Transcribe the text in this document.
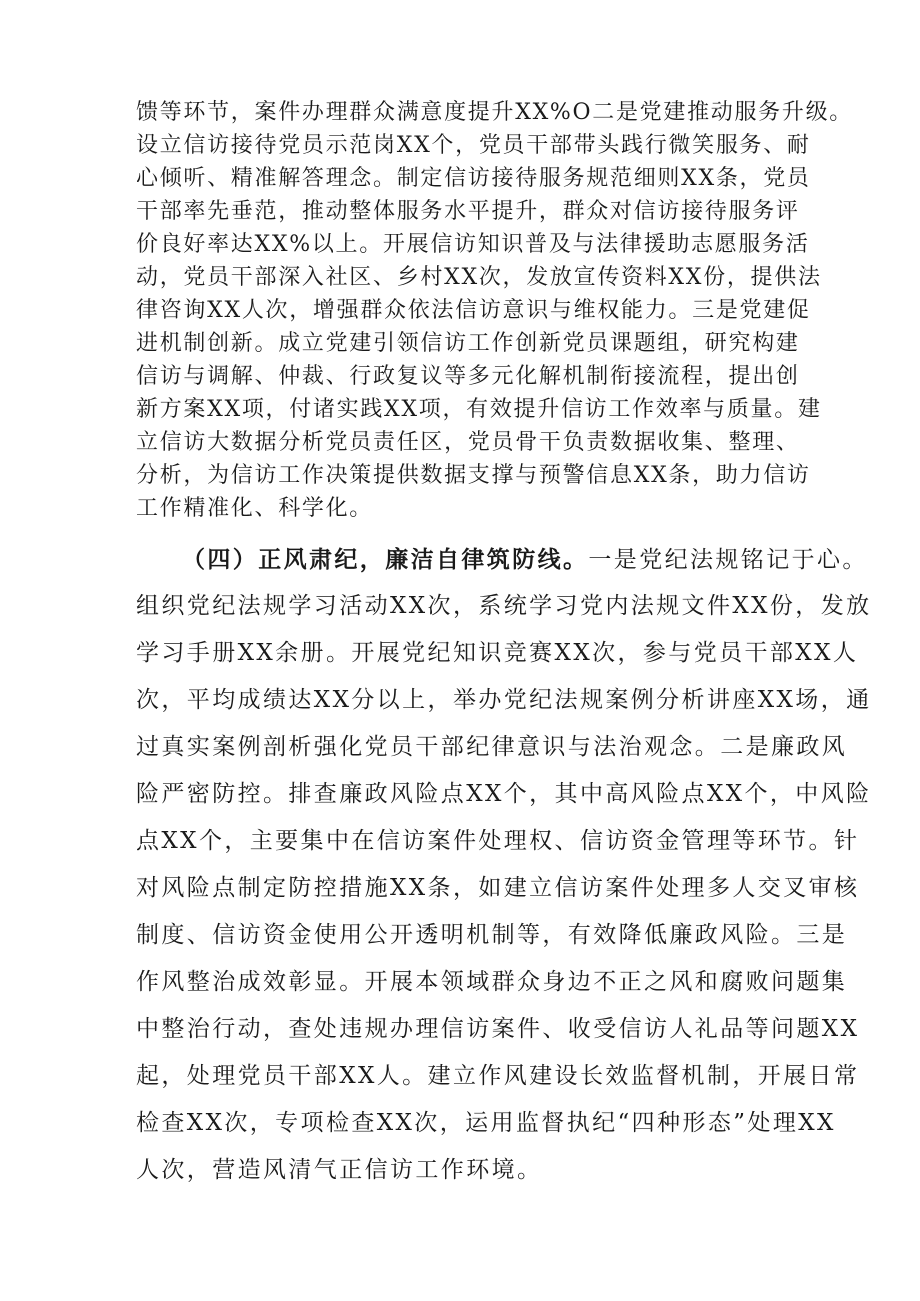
馈等环节，案件办理群众满意度提升XX%O二是党建推动服务升级。
设立信访接待党员示范岗XX个，党员干部带头践行微笑服务、耐
心倾听、精准解答理念。制定信访接待服务规范细则XX条，党员
干部率先垂范，推动整体服务水平提升，群众对信访接待服务评
价良好率达XX%以上。开展信访知识普及与法律援助志愿服务活
动，党员干部深入社区、乡村XX次，发放宣传资料XX份，提供法
律咨询XX人次，增强群众依法信访意识与维权能力。三是党建促
进机制创新。成立党建引领信访工作创新党员课题组，研究构建
信访与调解、仲裁、行政复议等多元化解机制衔接流程，提出创
新方案XX项，付诸实践XX项，有效提升信访工作效率与质量。建
立信访大数据分析党员责任区，党员骨干负责数据收集、整理、
分析，为信访工作决策提供数据支撑与预警信息XX条，助力信访
工作精准化、科学化。
（四）正风肃纪，廉洁自律筑防线。一是党纪法规铭记于心。
组织党纪法规学习活动XX次，系统学习党内法规文件XX份，发放
学习手册XX余册。开展党纪知识竞赛XX次，参与党员干部XX人
次，平均成绩达XX分以上，举办党纪法规案例分析讲座XX场，通
过真实案例剖析强化党员干部纪律意识与法治观念。二是廉政风
险严密防控。排查廉政风险点XX个，其中高风险点XX个，中风险
点XX个，主要集中在信访案件处理权、信访资金管理等环节。针
对风险点制定防控措施XX条，如建立信访案件处理多人交叉审核
制度、信访资金使用公开透明机制等，有效降低廉政风险。三是
作风整治成效彰显。开展本领域群众身边不正之风和腐败问题集
中整治行动，查处违规办理信访案件、收受信访人礼品等问题XX
起，处理党员干部XX人。建立作风建设长效监督机制，开展日常
检查XX次，专项检查XX次，运用监督执纪“四种形态”处理XX
人次，营造风清气正信访工作环境。
